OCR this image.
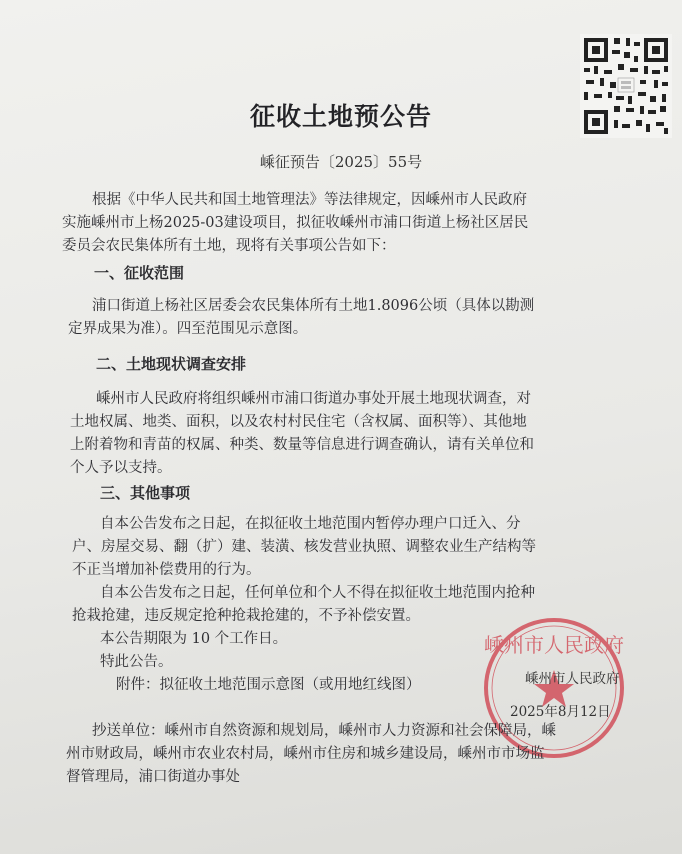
征收土地预公告
嵊征预告〔2025〕55号
根据《中华人民共和国土地管理法》等法律规定，因嵊州市人民政府
实施嵊州市上杨2025-03建设项目，拟征收嵊州市浦口街道上杨社区居民
委员会农民集体所有土地，现将有关事项公告如下：
一、征收范围
浦口街道上杨社区居委会农民集体所有土地1.8096公顷（具体以勘测
定界成果为准）。四至范围见示意图。
二、土地现状调查安排
嵊州市人民政府将组织嵊州市浦口街道办事处开展土地现状调查，对
土地权属、地类、面积，以及农村村民住宅（含权属、面积等）、其他地
上附着物和青苗的权属、种类、数量等信息进行调查确认，请有关单位和
个人予以支持。
三、其他事项
自本公告发布之日起，在拟征收土地范围内暂停办理户口迁入、分
户、房屋交易、翻（扩）建、装潢、核发营业执照、调整农业生产结构等
不正当增加补偿费用的行为。
自本公告发布之日起，任何单位和个人不得在拟征收土地范围内抢种
抢栽抢建，违反规定抢种抢栽抢建的，不予补偿安置。
本公告期限为 10 个工作日。
特此公告。
附件：拟征收土地范围示意图（或用地红线图）
嵊州市人民政府
嵊州市人民政府
2025年8月12日
抄送单位：嵊州市自然资源和规划局，嵊州市人力资源和社会保障局，嵊
州市财政局，嵊州市农业农村局，嵊州市住房和城乡建设局，嵊州市市场监
督管理局，浦口街道办事处
